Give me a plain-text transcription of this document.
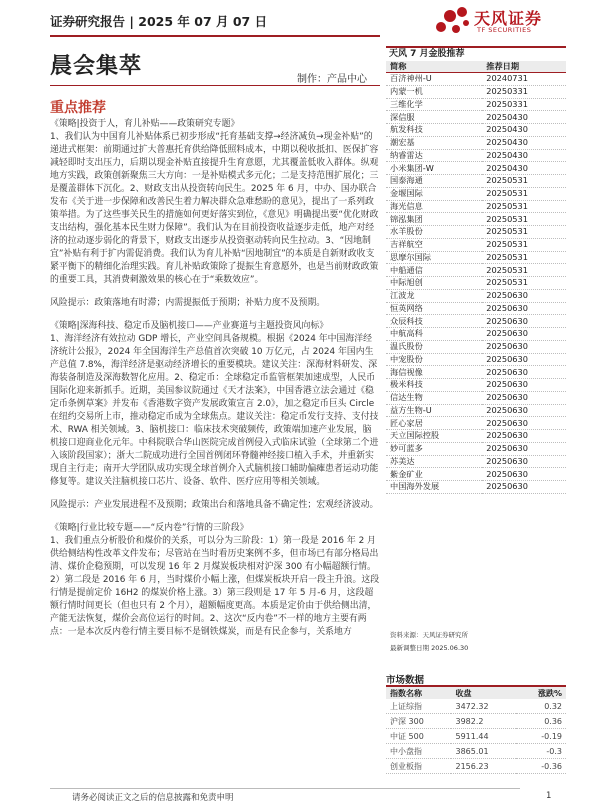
证券研究报告 | 2025 年 07 月 07 日	天风证券
TF SECURITIES
晨会集萃
制作：产品中心
重点推荐

《策略|投资于人，育儿补贴——政策研究专题》

1、我们认为中国育儿补贴体系已初步形成“托育基础支撑→经济减负→现金补贴”的递进式框架：前期通过扩大普惠托育供给降低照料成本，中期以税收抵扣、医保扩容减轻即时支出压力，后期以现金补贴直接提升生育意愿，尤其覆盖低收入群体。纵观地方实践，政策创新聚焦三大方向：一是补贴模式多元化；二是支持范围扩展化；三是覆盖群体下沉化。2、财政支出从投资转向民生。2025 年 6 月，中办、国办联合发布《关于进一步保障和改善民生着力解决群众急难愁盼的意见》，提出了一系列政策举措。为了这些事关民生的措施如何更好落实到位，《意见》明确提出要“优化财政支出结构，强化基本民生财力保障”。我们认为在目前投资收益逐步走低，地产对经济的拉动逐步弱化的背景下，财政支出逐步从投资驱动转向民生拉动。3、“因地制宜”补贴有利于扩内需促消费。我们认为育儿补贴“因地制宜”的本质是自新财政收支紧平衡下的精细化治理实践。育儿补贴政策除了提振生育意愿外，也是当前财政政策的重要工具，其消费刺激效果的核心在于“乘数效应”。

风险提示：政策落地有时滞；内需提振低于预期；补贴力度不及预期。

《策略|深海科技、稳定币及脑机接口——产业赛道与主题投资风向标》

1、海洋经济有效拉动 GDP 增长，产业空间具备规模。根据《2024 年中国海洋经济统计公报》，2024 年全国海洋生产总值首次突破 10 万亿元，占 2024 年国内生产总值 7.8%，海洋经济是驱动经济增长的重要模块。建议关注：深海材料研发、深海装备制造及深海数智化应用。2、稳定币：全球稳定币监管框架加速成型，人民币国际化迎来新抓手。近期，美国参议院通过《天才法案》，中国香港立法会通过《稳定币条例草案》并发布《香港数字资产发展政策宣言 2.0》，加之稳定币巨头 Circle 在纽约交易所上市，推动稳定币成为全球焦点。建议关注：稳定币发行支持、支付技术、RWA 相关领域。3、脑机接口：临床技术突破频传，政策端加速产业发展，脑机接口迎商业化元年。中科院联合华山医院完成首例侵入式临床试验（全球第二个进入该阶段国家）；浙大二院成功进行全国首例闭环脊髓神经接口植入手术，并重新实现自主行走；南开大学团队成功实现全球首例介入式脑机接口辅助偏瘫患者运动功能修复等。建议关注脑机接口芯片、设备、软件、医疗应用等相关领域。

风险提示：产业发展进程不及预期；政策出台和落地具备不确定性；宏观经济波动。

《策略|行业比较专题——“反内卷”行情的三阶段》

1、我们重点分析股价和煤价的关系，可以分为三阶段：1）第一段是 2016 年 2 月供给侧结构性改革文件发布；尽管站在当时看历史案例不多，但市场已有部分格局出清、煤价企稳预期，可以发现 16 年 2 月煤炭板块相对沪深 300 有小幅超额行情。2）第二段是 2016 年 6 月，当时煤价小幅上涨，但煤炭板块开启一段主升浪。这段行情是提前定价 16H2 的煤炭价格上涨。3）第三段则是 17 年 5 月-6 月，这段超额行情时间更长（但也只有 2 个月），超额幅度更高。本质是定价由于供给侧出清，产能无法恢复，煤价会高位运行的时间。2、这次“反内卷”不一样的地方主要有两点：一是本次反内卷行情主要目标不是钢铁煤炭，而是有民企参与，关系地方

天风 7 月金股推荐
简称	推荐日期
百济神州-U	20240731
内蒙一机	20250331
三维化学	20250331
深信服	20250430
航发科技	20250430
潮宏基	20250430
纳睿雷达	20250430
小米集团-W	20250430
国泰海通	20250531
金堰国际	20250531
海光信息	20250531
锦泓集团	20250531
水羊股份	20250531
吉祥航空	20250531
思摩尔国际	20250531
中船通信	20250531
中际旭创	20250531
江波龙	20250630
恒英网络	20250630
众辰科技	20250630
中航高科	20250630
温氏股份	20250630
中宠股份	20250630
海信视像	20250630
极米科技	20250630
信达生物	20250630
益方生物-U	20250630
匠心家居	20250630
天立国际控股	20250630
妙可蓝多	20250630
苏美达	20250630
紫金矿业	20250630
中国海外发展	20250630
资料来源：天风证券研究所
最新调整日期 2025.06.30
市场数据
指数名称	收盘	涨跌%
上证综指	3472.32	0.32
沪深 300	3982.2	0.36
中证 500	5911.44	-0.19
中小盘指	3865.01	-0.3
创业板指	2156.23	-0.36
请务必阅读正文之后的信息披露和免责申明	1
